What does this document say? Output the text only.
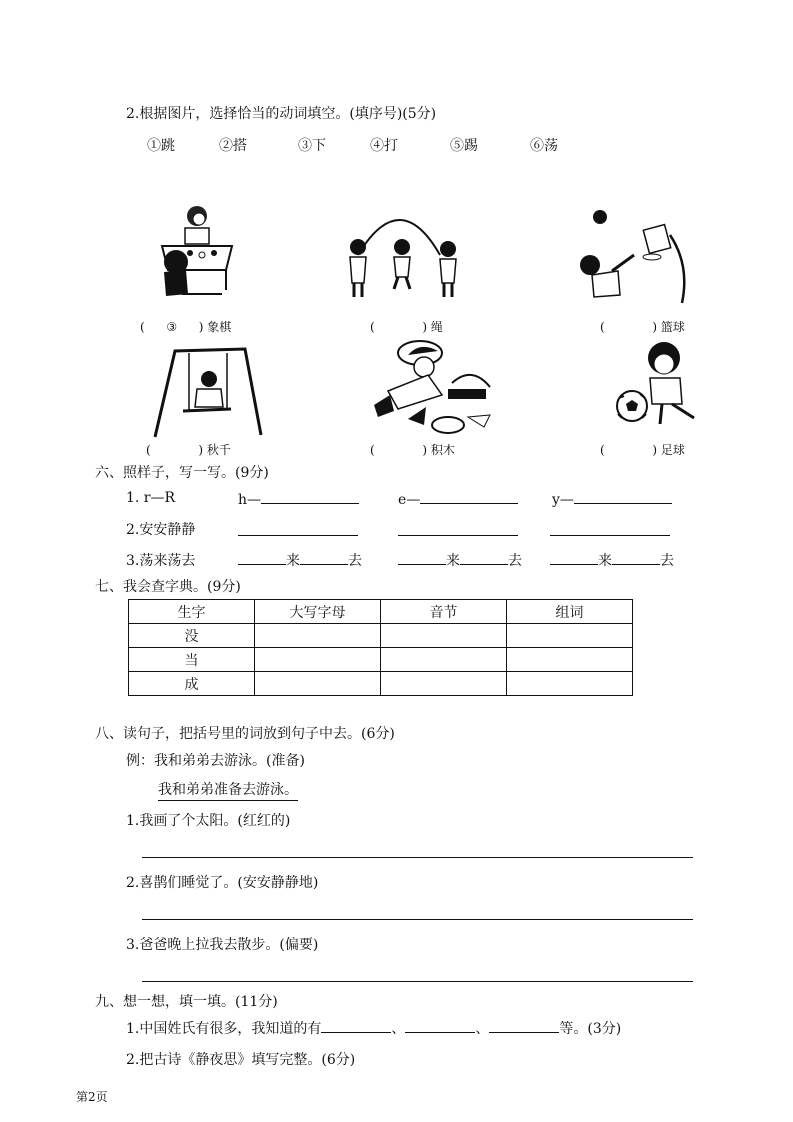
2.根据图片，选择恰当的动词填空。(填序号)(5分)
①跳	②搭	③下	④打	⑤踢	⑥荡
( ③ ) 象棋	(	) 绳	(	) 篮球
(	) 秋千	(	) 积木	(	) 足球
六、照样子，写一写。(9分)
1. r—R	h—	e—	y—
2.安安静静
3.荡来荡去	来	去	来	去	来	去
七、我会查字典。(9分)
生字	大写字母	音节	组词
没			
当			
成			
八、读句子，把括号里的词放到句子中去。(6分)
例：我和弟弟去游泳。(准备)
我和弟弟准备去游泳。
1.我画了个太阳。(红红的)
2.喜鹊们睡觉了。(安安静静地)
3.爸爸晚上拉我去散步。(偏要)
九、想一想，填一填。(11分)
1.中国姓氏有很多，我知道的有	、	、	等。(3分)
2.把古诗《静夜思》填写完整。(6分)
第2页
